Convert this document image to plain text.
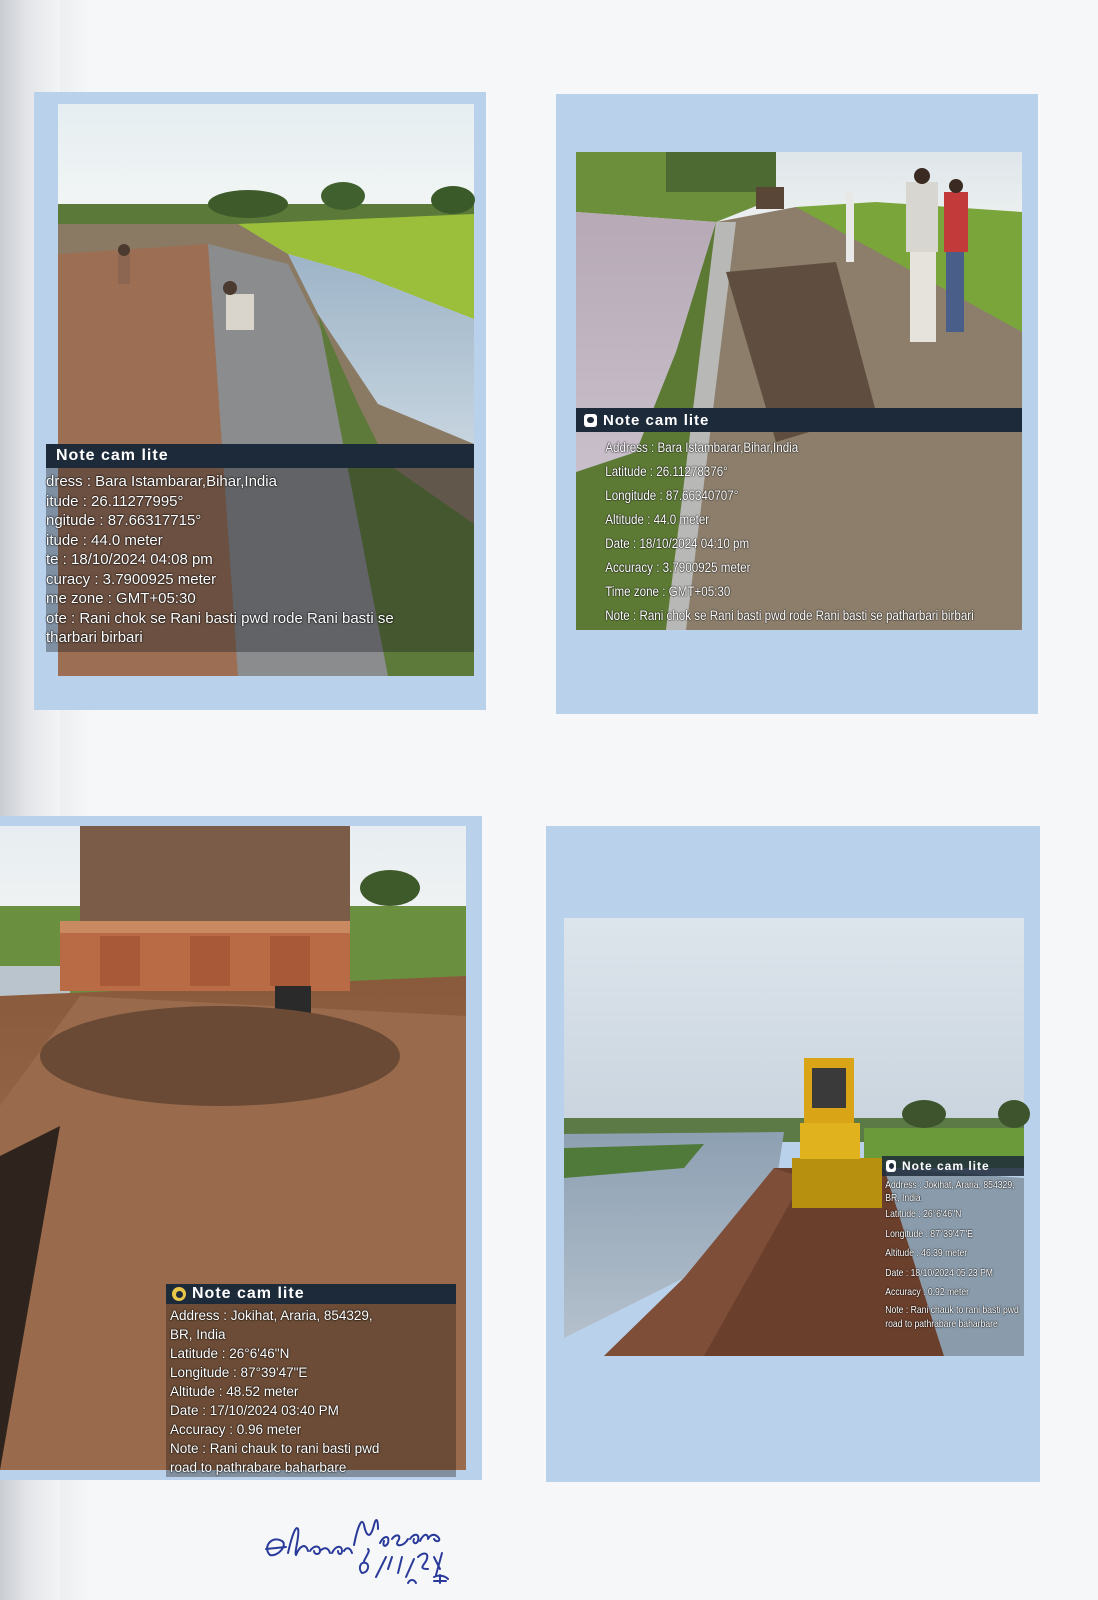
Note cam lite
dress : Bara Istambarar,Bihar,India
itude : 26.11277995°
ngitude : 87.66317715°
itude : 44.0 meter
te : 18/10/2024 04:08 pm
curacy : 3.7900925 meter
me zone : GMT+05:30
ote : Rani chok se Rani basti pwd rode Rani basti se
tharbari birbari
Note cam lite
Address : Bara Istambarar,Bihar,India
Latitude : 26.11278376°
Longitude : 87.66340707°
Altitude : 44.0 meter
Date : 18/10/2024 04:10 pm
Accuracy : 3.7900925 meter
Time zone : GMT+05:30
Note : Rani chok se Rani basti pwd rode Rani basti se patharbari birbari
Note cam lite
Address : Jokihat, Araria, 854329,
BR, India
Latitude : 26°6'46"N
Longitude : 87°39'47"E
Altitude : 48.52 meter
Date : 17/10/2024 03:40 PM
Accuracy : 0.96 meter
Note : Rani chauk to rani basti pwd
road to pathrabare baharbare
Note cam lite
Address : Jokihat, Araria, 854329,
BR, India
Latitude : 26°6'46"N
Longitude : 87°39'47"E
Altitude : 46.39 meter
Date : 18/10/2024 05:23 PM
Accuracy : 0.92 meter
Note : Rani chauk to rani basti pwd
road to pathrabare baharbare
